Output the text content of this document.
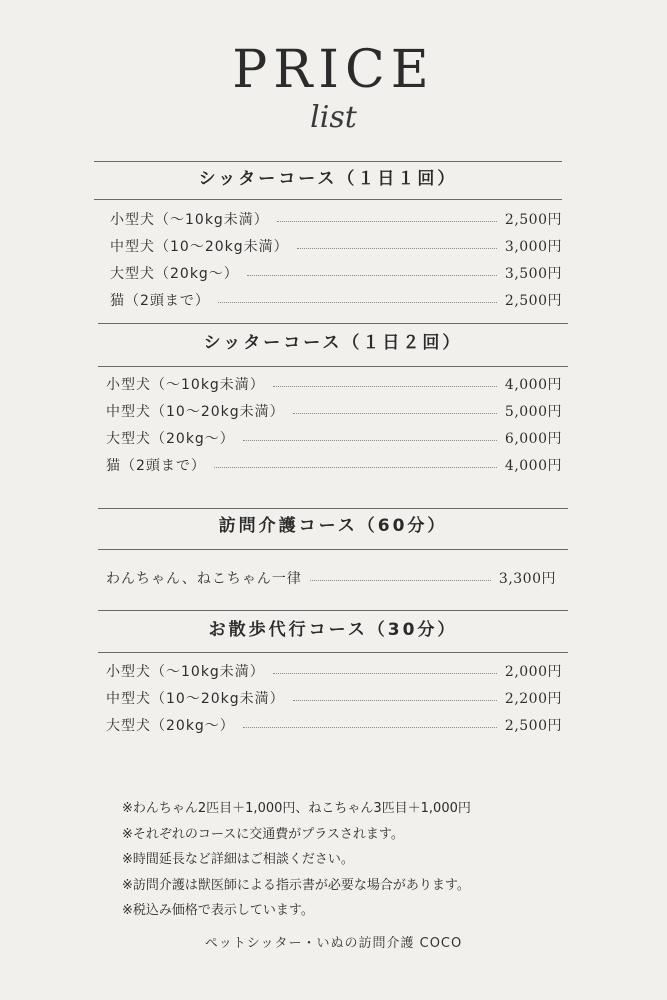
PRICE
list
シッターコース（１日１回）
小型犬（〜10kg未満）	2,500円
中型犬（10〜20kg未満）	3,000円
大型犬（20kg〜）	3,500円
猫（2頭まで）	2,500円
シッターコース（１日２回）
小型犬（〜10kg未満）	4,000円
中型犬（10〜20kg未満）	5,000円
大型犬（20kg〜）	6,000円
猫（2頭まで）	4,000円
訪問介護コース（60分）
わんちゃん、ねこちゃん一律	3,300円
お散歩代行コース（30分）
小型犬（〜10kg未満）	2,000円
中型犬（10〜20kg未満）	2,200円
大型犬（20kg〜）	2,500円
※わんちゃん2匹目＋1,000円、ねこちゃん3匹目＋1,000円
※それぞれのコースに交通費がプラスされます。
※時間延長など詳細はご相談ください。
※訪問介護は獣医師による指示書が必要な場合があります。
※税込み価格で表示しています。
ペットシッター・いぬの訪問介護 COCO
